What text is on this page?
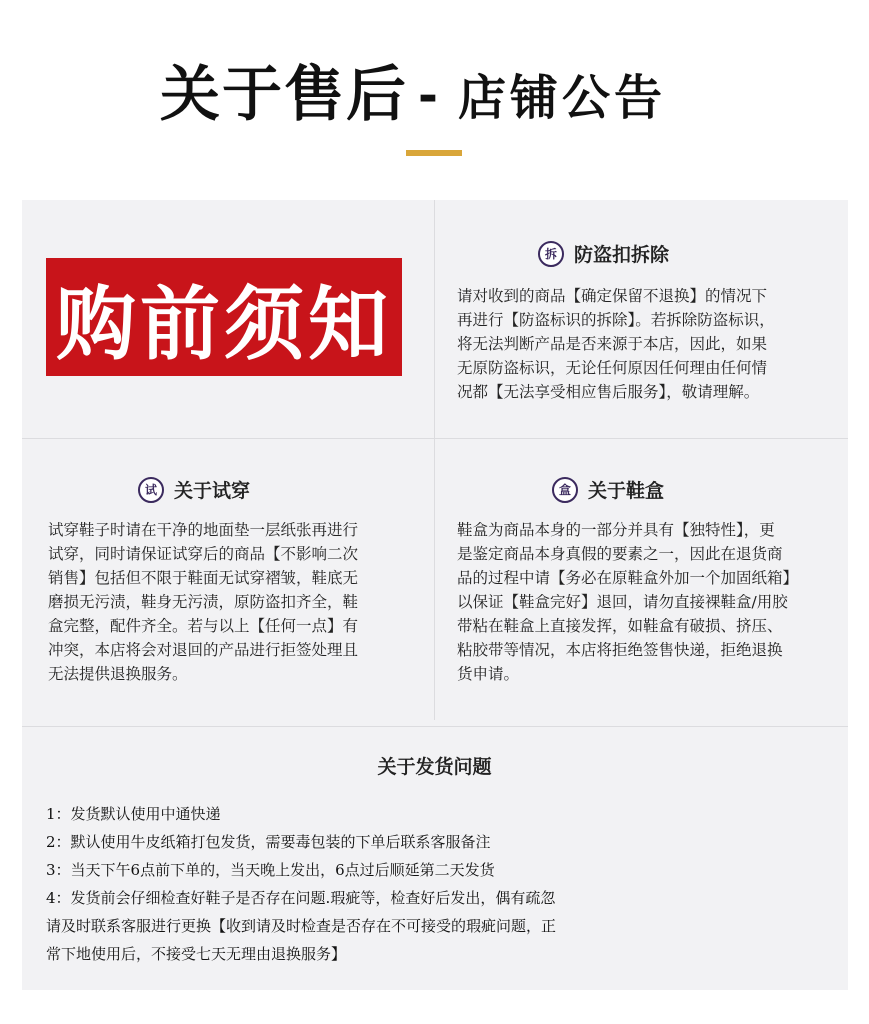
关于售后 - 店铺公告
购前须知
拆 防盗扣拆除
请对收到的商品【确定保留不退换】的情况下
再进行【防盗标识的拆除】。若拆除防盗标识，
将无法判断产品是否来源于本店，因此，如果
无原防盗标识，无论任何原因任何理由任何情
况都【无法享受相应售后服务】，敬请理解。
试 关于试穿
试穿鞋子时请在干净的地面垫一层纸张再进行
试穿，同时请保证试穿后的商品【不影响二次
销售】包括但不限于鞋面无试穿褶皱，鞋底无
磨损无污渍，鞋身无污渍，原防盗扣齐全，鞋
盒完整，配件齐全。若与以上【任何一点】有
冲突，本店将会对退回的产品进行拒签处理且
无法提供退换服务。
盒 关于鞋盒
鞋盒为商品本身的一部分并具有【独特性】，更
是鉴定商品本身真假的要素之一，因此在退货商
品的过程中请【务必在原鞋盒外加一个加固纸箱】
以保证【鞋盒完好】退回，请勿直接裸鞋盒/用胶
带粘在鞋盒上直接发挥，如鞋盒有破损、挤压、
粘胶带等情况，本店将拒绝签售快递，拒绝退换
货申请。
关于发货问题
1：发货默认使用中通快递
2：默认使用牛皮纸箱打包发货，需要毒包装的下单后联系客服备注
3：当天下午6点前下单的，当天晚上发出，6点过后顺延第二天发货
4：发货前会仔细检查好鞋子是否存在问题.瑕疵等，检查好后发出，偶有疏忽
请及时联系客服进行更换【收到请及时检查是否存在不可接受的瑕疵问题，正
常下地使用后，不接受七天无理由退换服务】
